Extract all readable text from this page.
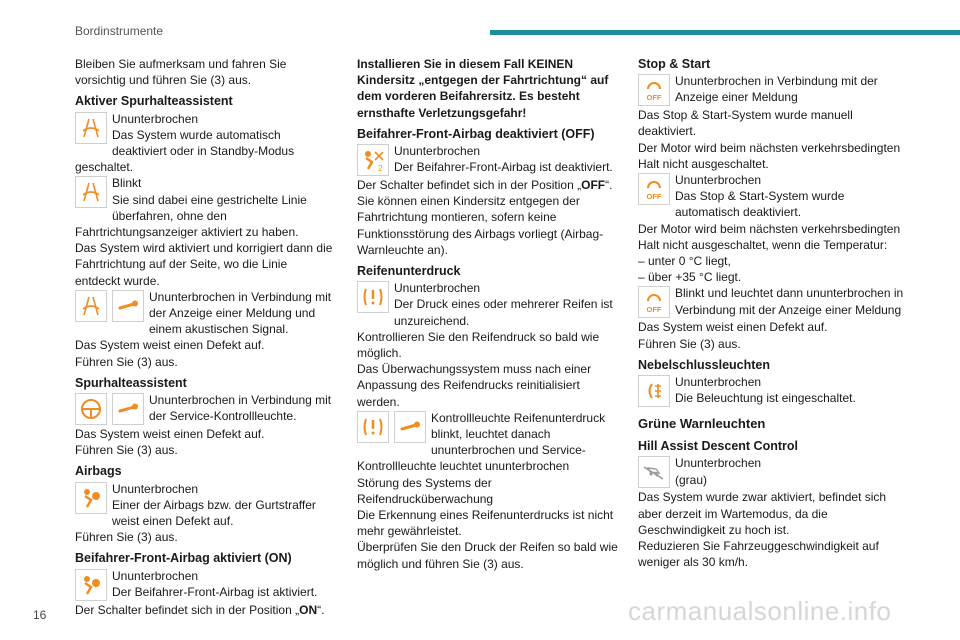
Bordinstrumente

Bleiben Sie aufmerksam und fahren Sie vorsichtig und führen Sie (3) aus.

Aktiver Spurhalteassistent
Ununterbrochen
Das System wurde automatisch deaktiviert oder in Standby-Modus geschaltet.
Blinkt
Sie sind dabei eine gestrichelte Linie überfahren, ohne den Fahrtrichtungsanzeiger aktiviert zu haben.
Das System wird aktiviert und korrigiert dann die Fahrtrichtung auf der Seite, wo die Linie entdeckt wurde.
Ununterbrochen in Verbindung mit der Anzeige einer Meldung und einem akustischen Signal.
Das System weist einen Defekt auf.
Führen Sie (3) aus.
Spurhalteassistent
Ununterbrochen in Verbindung mit der Service-Kontrollleuchte.
Das System weist einen Defekt auf.
Führen Sie (3) aus.
Airbags
Ununterbrochen
Einer der Airbags bzw. der Gurtstraffer weist einen Defekt auf.
Führen Sie (3) aus.
Beifahrer-Front-Airbag aktiviert (ON)
Ununterbrochen
Der Beifahrer-Front-Airbag ist aktiviert.
Der Schalter befindet sich in der Position „ON“.

Installieren Sie in diesem Fall KEINEN Kindersitz „entgegen der Fahrtrichtung“ auf dem vorderen Beifahrersitz. Es besteht ernsthafte Verletzungsgefahr!

Beifahrer-Front-Airbag deaktiviert (OFF)
2
Ununterbrochen
Der Beifahrer-Front-Airbag ist deaktiviert.
Der Schalter befindet sich in der Position „OFF“.
Sie können einen Kindersitz entgegen der Fahrtrichtung montieren, sofern keine Funktionsstörung des Airbags vorliegt (Airbag-Warnleuchte an).
Reifenunterdruck
Ununterbrochen
Der Druck eines oder mehrerer Reifen ist unzureichend.
Kontrollieren Sie den Reifendruck so bald wie möglich.
Das Überwachungssystem muss nach einer Anpassung des Reifendrucks reinitialisiert werden.
Kontrollleuchte Reifenunterdruck blinkt, leuchtet danach ununterbrochen und Service-Kontrollleuchte leuchtet ununterbrochen
Störung des Systems der Reifendrucküberwachung
Die Erkennung eines Reifenunterdrucks ist nicht mehr gewährleistet.
Überprüfen Sie den Druck der Reifen so bald wie möglich und führen Sie (3) aus.
Stop & Start
OFF
Ununterbrochen in Verbindung mit der Anzeige einer Meldung
Das Stop & Start-System wurde manuell deaktiviert.
Der Motor wird beim nächsten verkehrsbedingten Halt nicht ausgeschaltet.
OFF
Ununterbrochen
Das Stop & Start-System wurde automatisch deaktiviert.
Der Motor wird beim nächsten verkehrsbedingten Halt nicht ausgeschaltet, wenn die Temperatur:
– unter 0 °C liegt,
– über +35 °C liegt.
OFF
Blinkt und leuchtet dann ununterbrochen in Verbindung mit der Anzeige einer Meldung
Das System weist einen Defekt auf.
Führen Sie (3) aus.
Nebelschlussleuchten
Ununterbrochen
Die Beleuchtung ist eingeschaltet.
Grüne Warnleuchten
Hill Assist Descent Control
Ununterbrochen
(grau)
Das System wurde zwar aktiviert, befindet sich aber derzeit im Wartemodus, da die Geschwindigkeit zu hoch ist.
Reduzieren Sie Fahrzeuggeschwindigkeit auf weniger als 30 km/h.
16	carmanualsonline.info
